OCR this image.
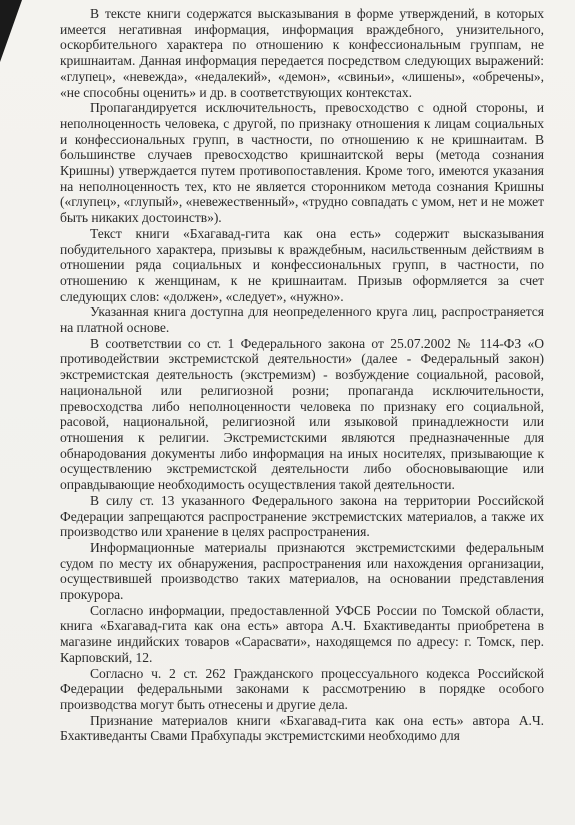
В тексте книги содержатся высказывания в форме утверждений, в которых имеется негативная информация, информация враждебного, унизительного, оскорбительного характера по отношению к конфессиональным группам, не кришнаитам. Данная информация передается посредством следующих выражений: «глупец», «невежда», «недалекий», «демон», «свиньи», «лишены», «обречены», «не способны оценить» и др. в соответствующих контекстах.

Пропагандируется исключительность, превосходство с одной стороны, и неполноценность человека, с другой, по признаку отношения к лицам социальных и конфессиональных групп, в частности, по отношению к не кришнаитам. В большинстве случаев превосходство кришнаитской веры (метода сознания Кришны) утверждается путем противопоставления. Кроме того, имеются указания на неполноценность тех, кто не является сторонником метода сознания Кришны («глупец», «глупый», «невежественный», «трудно совпадать с умом, нет и не может быть никаких достоинств»).

Текст книги «Бхагавад-гита как она есть» содержит высказывания побудительного характера, призывы к враждебным, насильственным действиям в отношении ряда социальных и конфессиональных групп, в частности, по отношению к женщинам, к не кришнаитам. Призыв оформляется за счет следующих слов: «должен», «следует», «нужно».

Указанная книга доступна для неопределенного круга лиц, распространяется на платной основе.

В соответствии со ст. 1 Федерального закона от 25.07.2002 № 114-ФЗ «О противодействии экстремистской деятельности» (далее - Федеральный закон) экстремистская деятельность (экстремизм) - возбуждение социальной, расовой, национальной или религиозной розни; пропаганда исключительности, превосходства либо неполноценности человека по признаку его социальной, расовой, национальной, религиозной или языковой принадлежности или отношения к религии. Экстремистскими являются предназначенные для обнародования документы либо информация на иных носителях, призывающие к осуществлению экстремистской деятельности либо обосновывающие или оправдывающие необходимость осуществления такой деятельности.

В силу ст. 13 указанного Федерального закона на территории Российской Федерации запрещаются распространение экстремистских материалов, а также их производство или хранение в целях распространения.

Информационные материалы признаются экстремистскими федеральным судом по месту их обнаружения, распространения или нахождения организации, осуществившей производство таких материалов, на основании представления прокурора.

Согласно информации, предоставленной УФСБ России по Томской области, книга «Бхагавад-гита как она есть» автора А.Ч. Бхактиведанты приобретена в магазине индийских товаров «Сарасвати», находящемся по адресу: г. Томск, пер. Карповский, 12.

Согласно ч. 2 ст. 262 Гражданского процессуального кодекса Российской Федерации федеральными законами к рассмотрению в порядке особого производства могут быть отнесены и другие дела.

Признание материалов книги «Бхагавад-гита как она есть» автора А.Ч. Бхактиведанты Свами Прабхупады экстремистскими необходимо для
